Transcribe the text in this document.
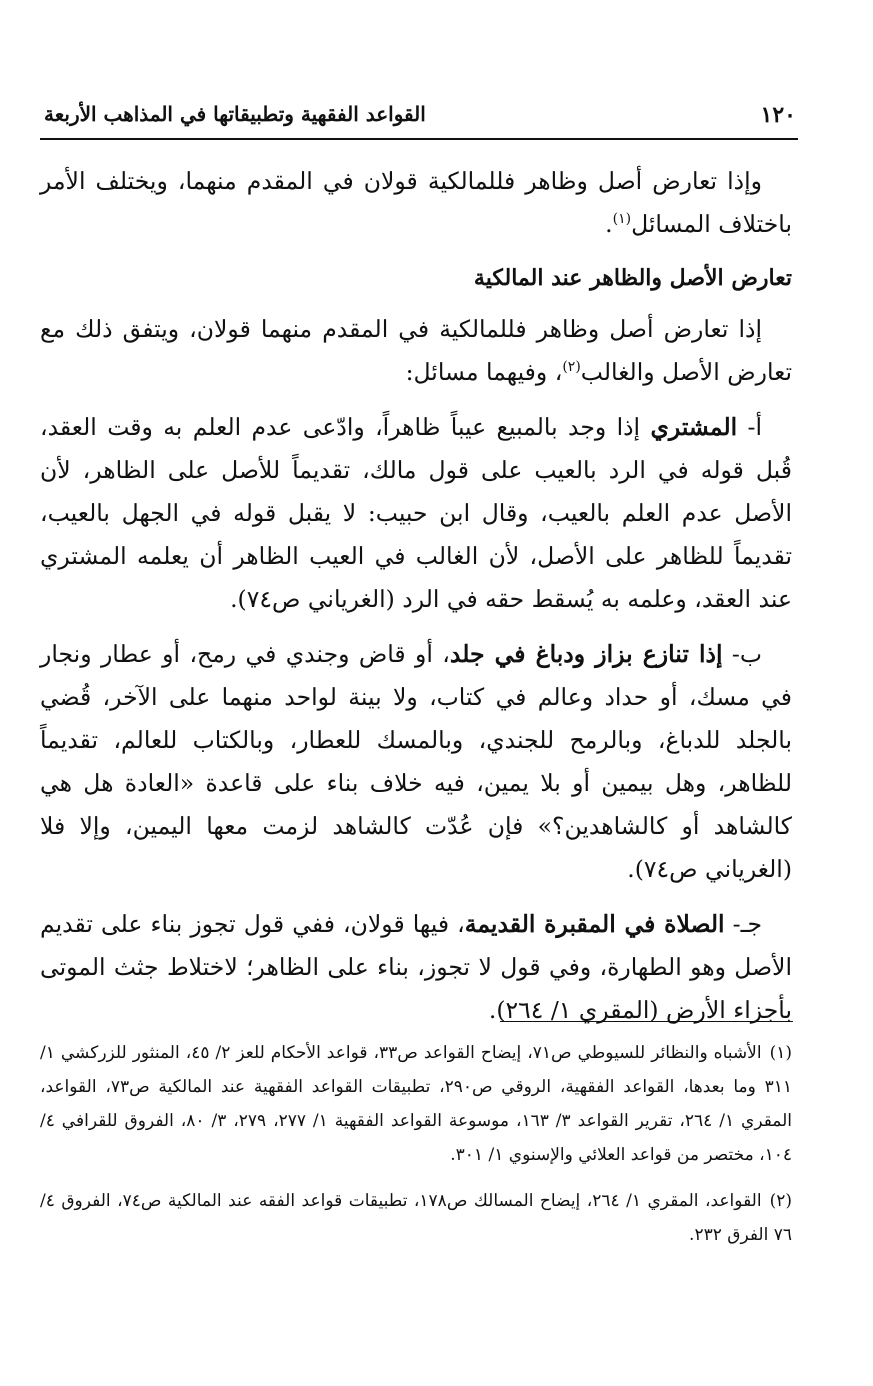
١٢٠
القواعد الفقهية وتطبيقاتها في المذاهب الأربعة

وإذا تعارض أصل وظاهر فللمالكية قولان في المقدم منهما، ويختلف الأمر باختلاف المسائل$^{(١)}$.

تعارض الأصل والظاهر عند المالكية

إذا تعارض أصل وظاهر فللمالكية في المقدم منهما قولان، ويتفق ذلك مع تعارض الأصل والغالب$^{(٢)}$، وفيهما مسائل:

أ- المشتري إذا وجد بالمبيع عيباً ظاهراً، وادّعى عدم العلم به وقت العقد، قُبل قوله في الرد بالعيب على قول مالك، تقديماً للأصل على الظاهر، لأن الأصل عدم العلم بالعيب، وقال ابن حبيب: لا يقبل قوله في الجهل بالعيب، تقديماً للظاهر على الأصل، لأن الغالب في العيب الظاهر أن يعلمه المشتري عند العقد، وعلمه به يُسقط حقه في الرد (الغرياني ص٧٤).

ب- إذا تنازع بزاز ودباغ في جلد، أو قاض وجندي في رمح، أو عطار ونجار في مسك، أو حداد وعالم في كتاب، ولا بينة لواحد منهما على الآخر، قُضي بالجلد للدباغ، وبالرمح للجندي، وبالمسك للعطار، وبالكتاب للعالم، تقديماً للظاهر، وهل بيمين أو بلا يمين، فيه خلاف بناء على قاعدة «العادة هل هي كالشاهد أو كالشاهدين؟» فإن عُدّت كالشاهد لزمت معها اليمين، وإلا فلا (الغرياني ص٧٤).

جـ- الصلاة في المقبرة القديمة، فيها قولان، ففي قول تجوز بناء على تقديم الأصل وهو الطهارة، وفي قول لا تجوز، بناء على الظاهر؛ لاختلاط جثث الموتى بأجزاء الأرض (المقري ١/ ٢٦٤).

(١)الأشباه والنظائر للسيوطي ص٧١، إيضاح القواعد ص٣٣، قواعد الأحكام للعز ٢/ ٤٥، المنثور للزركشي ١/ ٣١١ وما بعدها، القواعد الفقهية، الروقي ص٢٩٠، تطبيقات القواعد الفقهية عند المالكية ص٧٣، القواعد، المقري ١/ ٢٦٤، تقرير القواعد ٣/ ١٦٣، موسوعة القواعد الفقهية ١/ ٢٧٧، ٢٧٩، ٣/ ٨٠، الفروق للقرافي ٤/ ١٠٤، مختصر من قواعد العلائي والإسنوي ١/ ٣٠١.

(٢)القواعد، المقري ١/ ٢٦٤، إيضاح المسالك ص١٧٨، تطبيقات قواعد الفقه عند المالكية ص٧٤، الفروق ٤/ ٧٦ الفرق ٢٣٢.
